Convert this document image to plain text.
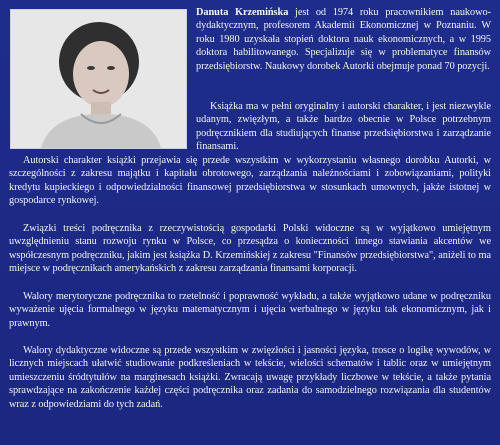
Danuta Krzemińska jest od 1974 roku pracownikiem naukowo-dydaktycznym, profesorem Akademii Ekonomicznej w Poznaniu. W roku 1980 uzyskała stopień doktora nauk ekonomicznych, a w 1995 doktora habilitowanego. Specjalizuje się w problematyce finansów przedsiębiorstw. Naukowy dorobek Autorki obejmuje ponad 70 pozycji.
Książka ma w pełni oryginalny i autorski charakter, i jest niezwykle udanym, zwięzłym, a także bardzo obecnie w Polsce potrzebnym podręcznikiem dla studiujących finanse przedsiębiorstwa i zarządzanie finansami.
Autorski charakter książki przejawia się przede wszystkim w wykorzystaniu własnego dorobku Autorki, w szczególności z zakresu majątku i kapitału obrotowego, zarządzania należnościami i zobowiązaniami, polityki kredytu kupieckiego i odpowiedzialności finansowej przedsiębiorstwa w stosunkach umownych, jakże istotnej w gospodarce rynkowej.
Związki treści podręcznika z rzeczywistością gospodarki Polski widoczne są w wyjątkowo umiejętnym uwzględnieniu stanu rozwoju rynku w Polsce, co przesądza o konieczności innego stawiania akcentów we współczesnym podręczniku, jakim jest książka D. Krzemińskiej z zakresu "Finansów przedsiębiorstwa", aniżeli to ma miejsce w podręcznikach amerykańskich z zakresu zarządzania finansami korporacji.
Walory merytoryczne podręcznika to rzetelność i poprawność wykładu, a także wyjątkowo udane w podręczniku wyważenie ujęcia formalnego w języku matematycznym i ujęcia werbalnego w języku tak ekonomicznym, jak i prawnym.
Walory dydaktyczne widoczne są przede wszystkim w zwięzłości i jasności języka, trosce o logikę wywodów, w licznych miejscach ułatwić studiowanie podkreśleniach w tekście, wielości schematów i tablic oraz w umiejętnym umieszczeniu śródtytułów na marginesach książki. Zwracają uwagę przykłady liczbowe w tekście, a także pytania sprawdzające na zakończenie każdej części podręcznika oraz zadania do samodzielnego rozwiązania dla studentów wraz z odpowiedziami do tych zadań.
